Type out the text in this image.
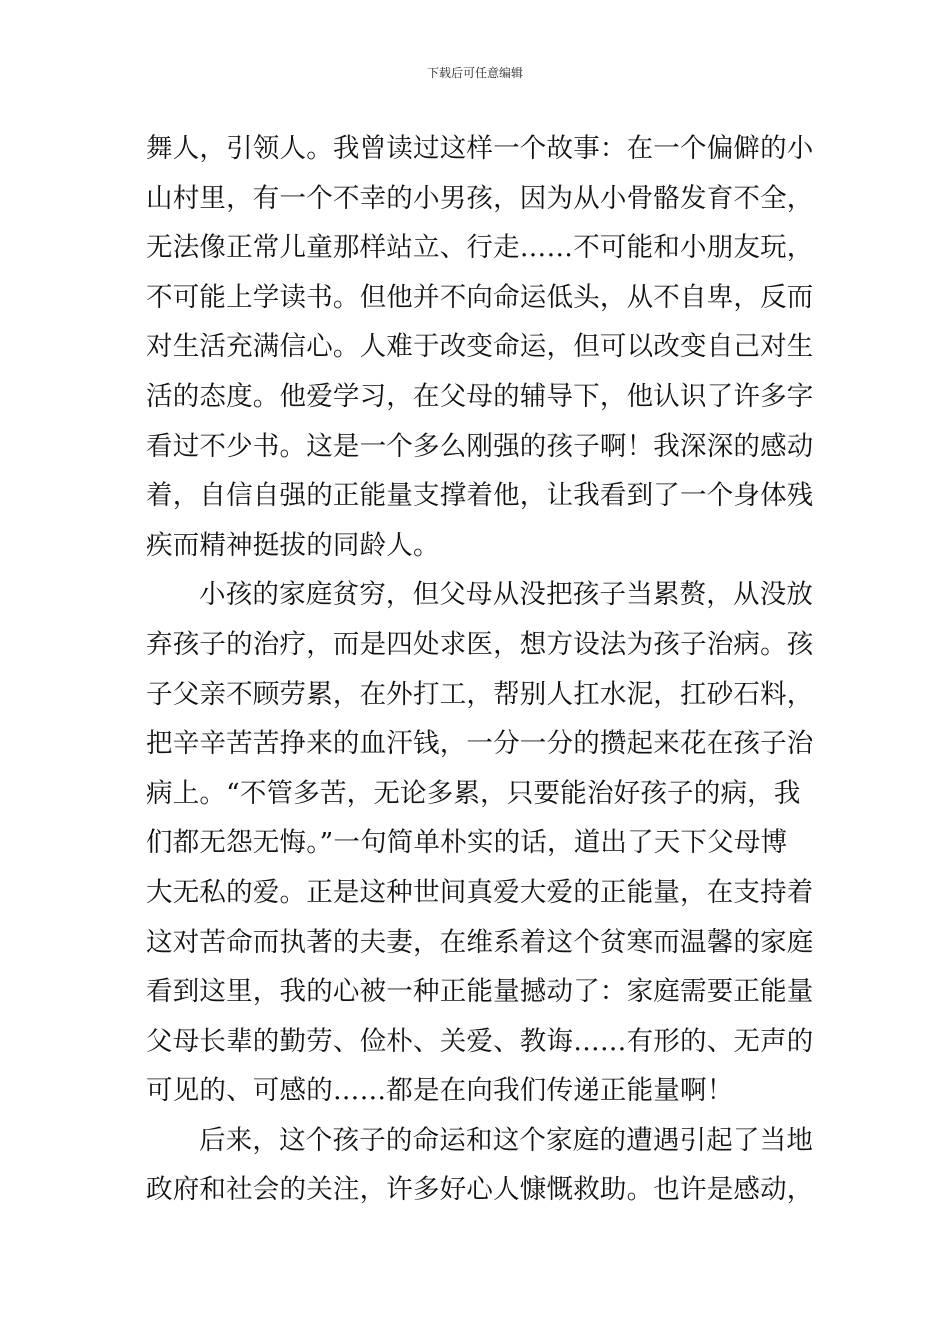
下载后可任意编辑
舞人，引领人。我曾读过这样一个故事：在一个偏僻的小
山村里，有一个不幸的小男孩，因为从小骨骼发育不全，
无法像正常儿童那样站立、行走……不可能和小朋友玩，
不可能上学读书。但他并不向命运低头，从不自卑，反而
对生活充满信心。人难于改变命运，但可以改变自己对生
活的态度。他爱学习，在父母的辅导下，他认识了许多字
看过不少书。这是一个多么刚强的孩子啊！我深深的感动
着，自信自强的正能量支撑着他，让我看到了一个身体残
疾而精神挺拔的同龄人。
小孩的家庭贫穷，但父母从没把孩子当累赘，从没放
弃孩子的治疗，而是四处求医，想方设法为孩子治病。孩
子父亲不顾劳累，在外打工，帮别人扛水泥，扛砂石料，
把辛辛苦苦挣来的血汗钱，一分一分的攒起来花在孩子治
病上。“不管多苦，无论多累，只要能治好孩子的病，我
们都无怨无悔。”一句简单朴实的话，道出了天下父母博
大无私的爱。正是这种世间真爱大爱的正能量，在支持着
这对苦命而执著的夫妻，在维系着这个贫寒而温馨的家庭
看到这里，我的心被一种正能量撼动了：家庭需要正能量
父母长辈的勤劳、俭朴、关爱、教诲……有形的、无声的
可见的、可感的……都是在向我们传递正能量啊！
后来，这个孩子的命运和这个家庭的遭遇引起了当地
政府和社会的关注，许多好心人慷慨救助。也许是感动，
